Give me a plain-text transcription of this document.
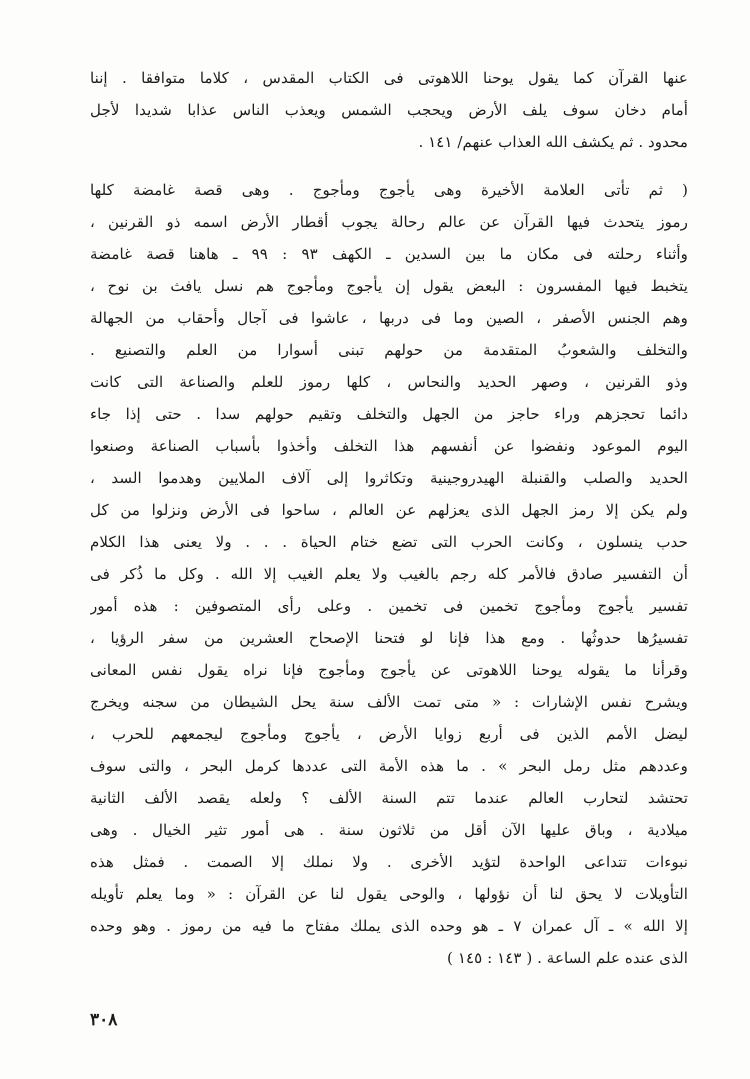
عنها القرآن كما يقول يوحنا اللاهوتى فى الكتاب المقدس ، كلاما متوافقا . إننا
أمام دخان سوف يلف الأرض ويحجب الشمس ويعذب الناس عذابا شديدا لأجل
محدود . ثم يكشف الله العذاب عنهم/ ١٤١ .
( ثم تأتى العلامة الأخيرة وهى يأجوج ومأجوج . وهى قصة غامضة كلها
رموز يتحدث فيها القرآن عن عالم رحالة يجوب أقطار الأرض اسمه ذو القرنين ،
وأثناء رحلته فى مكان ما بين السدين ـ الكهف ٩٣ : ٩٩ ـ هاهنا قصة غامضة
يتخبط فيها المفسرون : البعض يقول إن يأجوج ومأجوج هم نسل يافث بن نوح ،
وهم الجنس الأصفر ، الصين وما فى دربها ، عاشوا فى آجال وأحقاب من الجهالة
والتخلف والشعوبُ المتقدمة من حولهم تبنى أسوارا من العلم والتصنيع .
وذو القرنين ، وصهر الحديد والنحاس ، كلها رموز للعلم والصناعة التى كانت
دائما تحجزهم وراء حاجز من الجهل والتخلف وتقيم حولهم سدا . حتى إذا جاء
اليوم الموعود ونفضوا عن أنفسهم هذا التخلف وأخذوا بأسباب الصناعة وصنعوا
الحديد والصلب والقنبلة الهيدروجينية وتكاثروا إلى آلاف الملايين وهدموا السد ،
ولم يكن إلا رمز الجهل الذى يعزلهم عن العالم ، ساحوا فى الأرض ونزلوا من كل
حدب ينسلون ، وكانت الحرب التى تضع ختام الحياة . . . ولا يعنى هذا الكلام
أن التفسير صادق فالأمر كله رجم بالغيب ولا يعلم الغيب إلا الله . وكل ما ذُكر فى
تفسير يأجوج ومأجوج تخمين فى تخمين . وعلى رأى المتصوفين : هذه أمور
تفسيرُها حدوثُها . ومع هذا فإنا لو فتحنا الإصحاح العشرين من سفر الرؤيا ،
وقرأنا ما يقوله يوحنا اللاهوتى عن يأجوج ومأجوج فإنا نراه يقول نفس المعانى
ويشرح نفس الإشارات : « متى تمت الألف سنة يحل الشيطان من سجنه ويخرج
ليضل الأمم الذين فى أربع زوايا الأرض ، يأجوج ومأجوج ليجمعهم للحرب ،
وعددهم مثل رمل البحر » . ما هذه الأمة التى عددها كرمل البحر ، والتى سوف
تحتشد لتحارب العالم عندما تتم السنة الألف ؟ ولعله يقصد الألف الثانية
ميلادية ، وباق عليها الآن أقل من ثلاثون سنة . هى أمور تثير الخيال . وهى
نبوءات تتداعى الواحدة لتؤيد الأخرى . ولا نملك إلا الصمت . فمثل هذه
التأويلات لا يحق لنا أن نؤولها ، والوحى يقول لنا عن القرآن : « وما يعلم تأويله
إلا الله » ـ آل عمران ٧ ـ هو وحده الذى يملك مفتاح ما فيه من رموز . وهو وحده
الذى عنده علم الساعة . ( ١٤٣ : ١٤٥ )
٣٠٨
